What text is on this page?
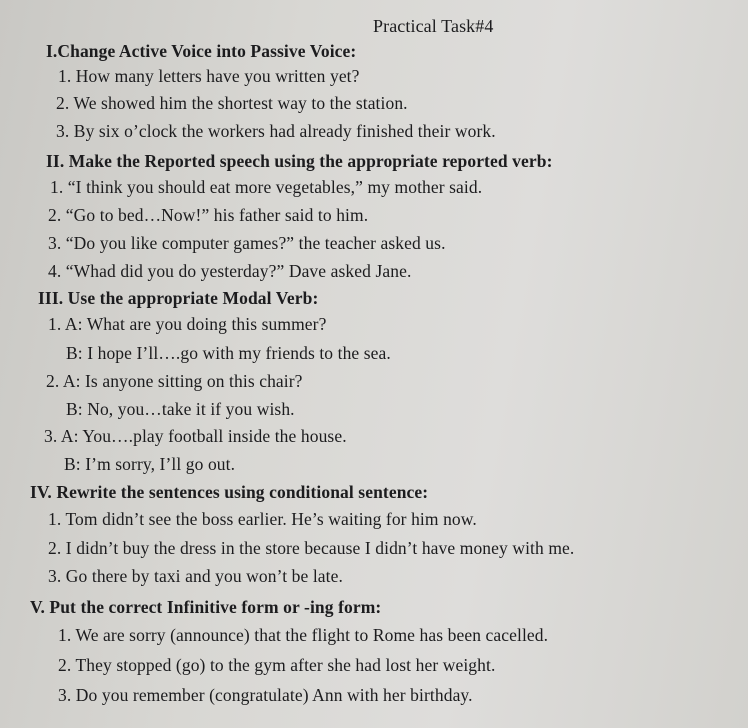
Practical Task#4
I.Change Active Voice into Passive Voice:
1. How many letters have you written yet?
2. We showed him the shortest way to the station.
3. By six o’clock the workers had already finished their work.
II. Make the Reported speech using the appropriate reported verb:
1. “I think you should eat more vegetables,” my mother said.
2. “Go to bed…Now!” his father said to him.
3. “Do you like computer games?” the teacher asked us.
4. “Whad did you do yesterday?” Dave asked Jane.
III. Use the appropriate Modal Verb:
1. A: What are you doing this summer?
B: I hope I’ll….go with my friends to the sea.
2. A: Is anyone sitting on this chair?
B: No, you…take it if you wish.
3. A: You….play football inside the house.
B: I’m sorry, I’ll go out.
IV. Rewrite the sentences using conditional sentence:
1. Tom didn’t see the boss earlier. He’s waiting for him now.
2. I didn’t buy the dress in the store because I didn’t have money with me.
3. Go there by taxi and you won’t be late.
V. Put the correct Infinitive form or -ing form:
1. We are sorry (announce) that the flight to Rome has been cacelled.
2. They stopped (go) to the gym after she had lost her weight.
3. Do you remember (congratulate) Ann with her birthday.
